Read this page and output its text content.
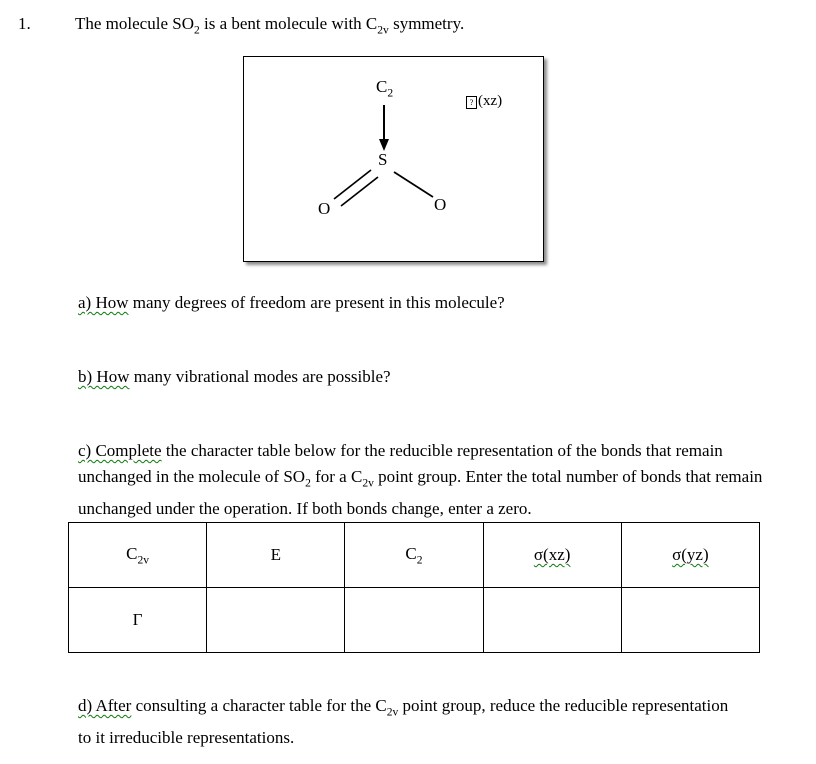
1.	The molecule $SO_2$ is a bent molecule with $C_{2v}$ symmetry.
$C_2$
? (xz)
S
O	O
a) How many degrees of freedom are present in this molecule?
b) How many vibrational modes are possible?
c) Complete the character table below for the reducible representation of the bonds that remain unchanged in the molecule of $SO_2$ for a $C_{2v}$ point group. Enter the total number of bonds that remain unchanged under the operation. If both bonds change, enter a zero.
$C_{2v}$	E	$C_2$	σ(xz)	σ(yz)
Γ				
d) After consulting a character table for the $C_{2v}$ point group, reduce the reducible representation to it irreducible representations.
